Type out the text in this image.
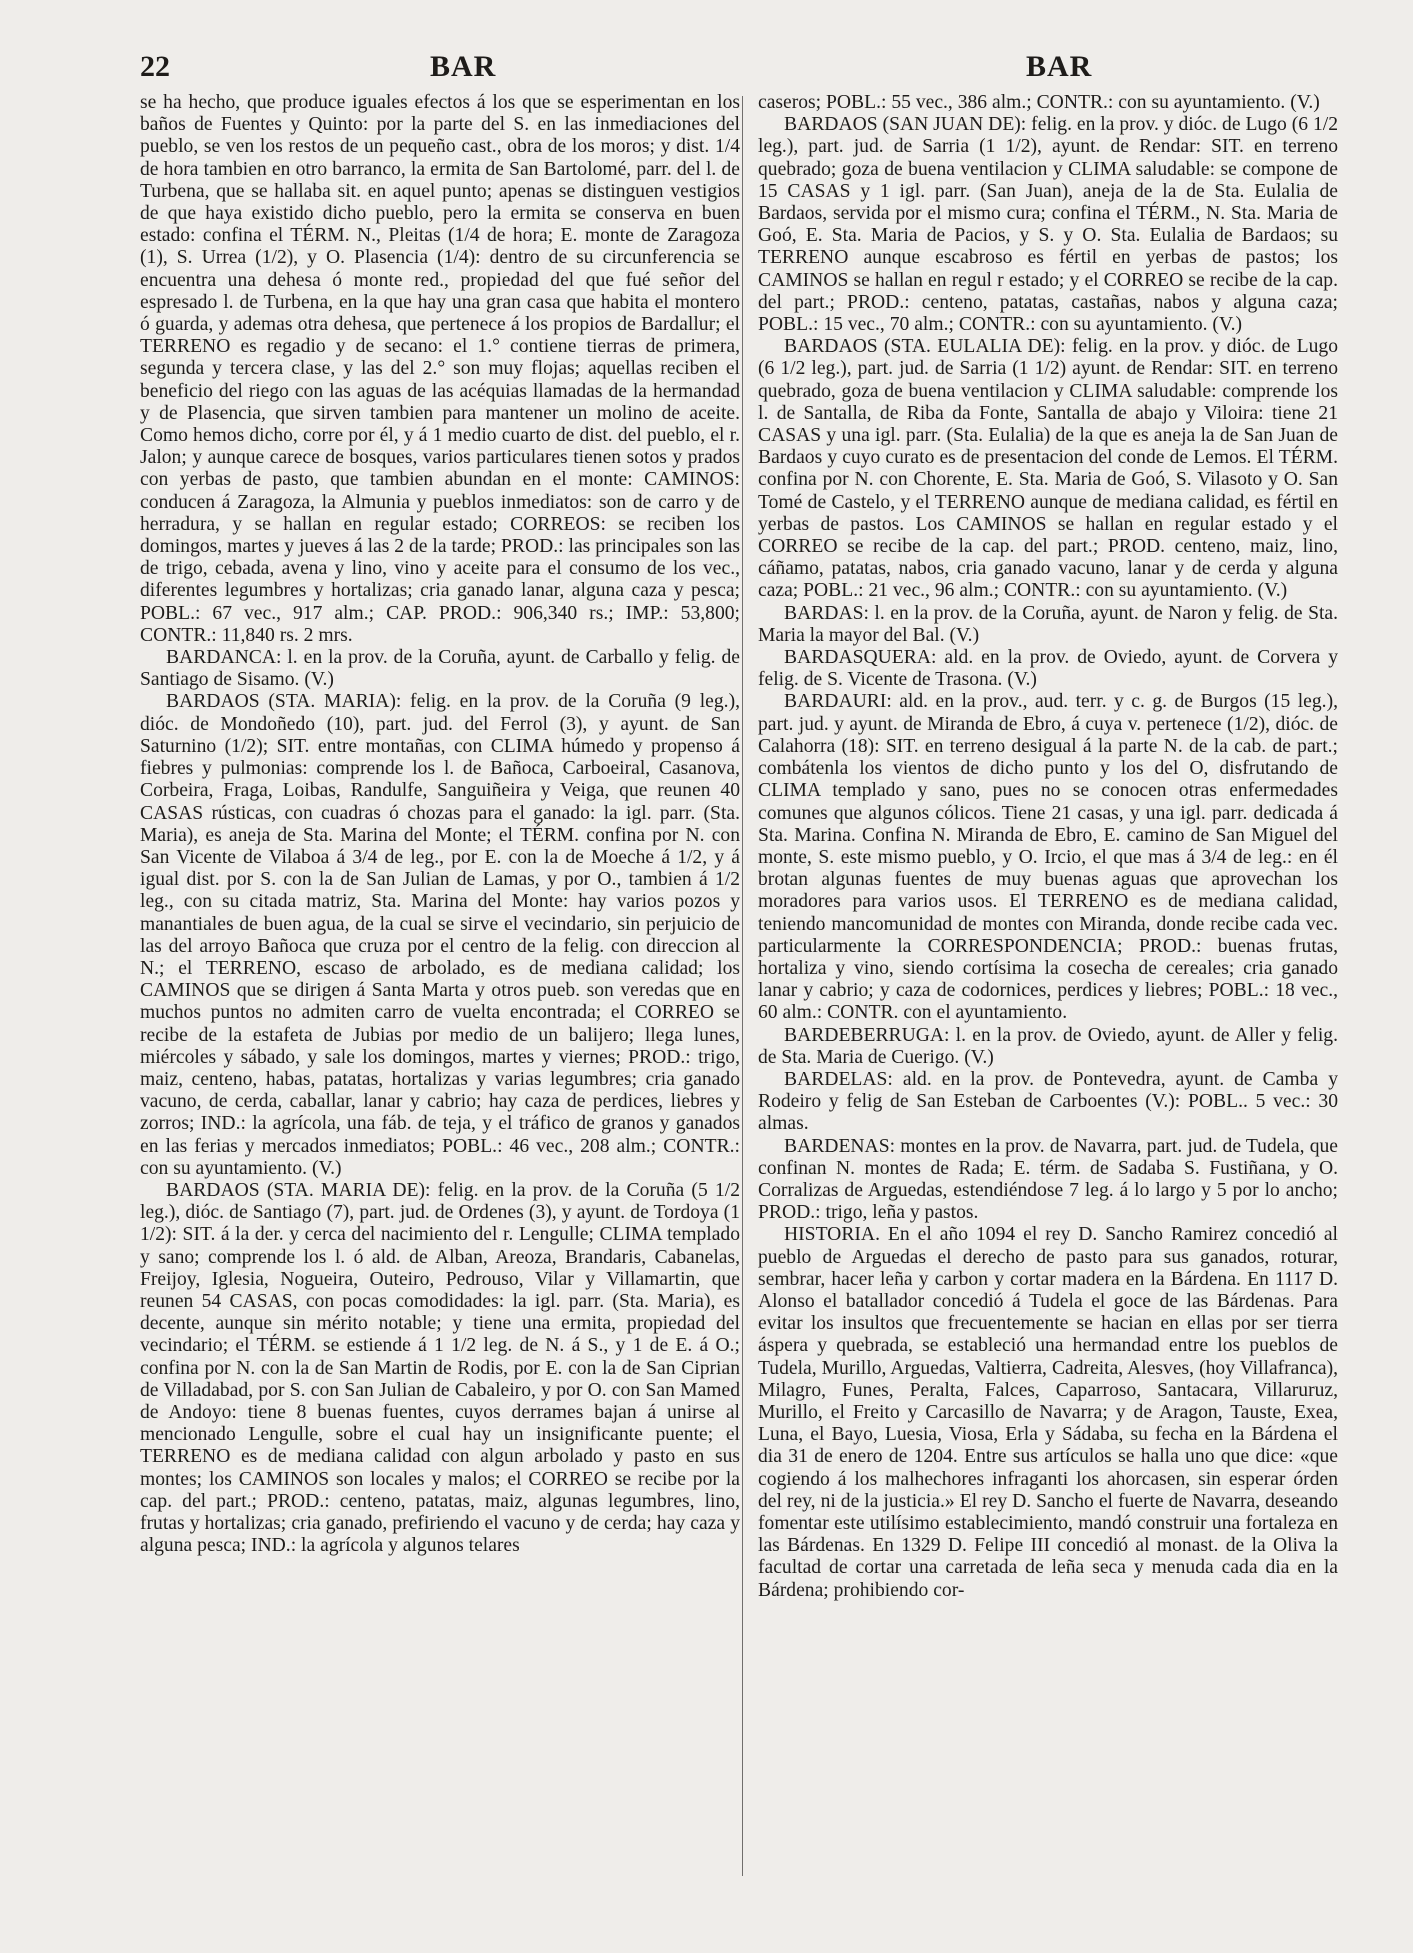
22	BAR	BAR

se ha hecho, que produce iguales efectos á los que se esperimentan en los baños de Fuentes y Quinto: por la parte del S. en las inmediaciones del pueblo, se ven los restos de un pequeño cast., obra de los moros; y dist. 1/4 de hora tambien en otro barranco, la ermita de San Bartolomé, parr. del l. de Turbena, que se hallaba sit. en aquel punto; apenas se distinguen vestigios de que haya existido dicho pueblo, pero la ermita se conserva en buen estado: confina el TÉRM. N., Pleitas (1/4 de hora; E. monte de Zaragoza (1), S. Urrea (1/2), y O. Plasencia (1/4): dentro de su circunferencia se encuentra una dehesa ó monte red., propiedad del que fué señor del espresado l. de Turbena, en la que hay una gran casa que habita el montero ó guarda, y ademas otra dehesa, que pertenece á los propios de Bardallur; el TERRENO es regadio y de secano: el 1.° contiene tierras de primera, segunda y tercera clase, y las del 2.° son muy flojas; aquellas reciben el beneficio del riego con las aguas de las acéquias llamadas de la hermandad y de Plasencia, que sirven tambien para mantener un molino de aceite. Como hemos dicho, corre por él, y á 1 medio cuarto de dist. del pueblo, el r. Jalon; y aunque carece de bosques, varios particulares tienen sotos y prados con yerbas de pasto, que tambien abundan en el monte: CAMINOS: conducen á Zaragoza, la Almunia y pueblos inmediatos: son de carro y de herradura, y se hallan en regular estado; CORREOS: se reciben los domingos, martes y jueves á las 2 de la tarde; PROD.: las principales son las de trigo, cebada, avena y lino, vino y aceite para el consumo de los vec., diferentes legumbres y hortalizas; cria ganado lanar, alguna caza y pesca; POBL.: 67 vec., 917 alm.; CAP. PROD.: 906,340 rs.; IMP.: 53,800; CONTR.: 11,840 rs. 2 mrs.

BARDANCA: l. en la prov. de la Coruña, ayunt. de Carballo y felig. de Santiago de Sisamo. (V.)

BARDAOS (STA. MARIA): felig. en la prov. de la Coruña (9 leg.), dióc. de Mondoñedo (10), part. jud. del Ferrol (3), y ayunt. de San Saturnino (1/2); SIT. entre montañas, con CLIMA húmedo y propenso á fiebres y pulmonias: comprende los l. de Bañoca, Carboeiral, Casanova, Corbeira, Fraga, Loibas, Randulfe, Sanguiñeira y Veiga, que reunen 40 CASAS rústicas, con cuadras ó chozas para el ganado: la igl. parr. (Sta. Maria), es aneja de Sta. Marina del Monte; el TÉRM. confina por N. con San Vicente de Vilaboa á 3/4 de leg., por E. con la de Moeche á 1/2, y á igual dist. por S. con la de San Julian de Lamas, y por O., tambien á 1/2 leg., con su citada matriz, Sta. Marina del Monte: hay varios pozos y manantiales de buen agua, de la cual se sirve el vecindario, sin perjuicio de las del arroyo Bañoca que cruza por el centro de la felig. con direccion al N.; el TERRENO, escaso de arbolado, es de mediana calidad; los CAMINOS que se dirigen á Santa Marta y otros pueb. son veredas que en muchos puntos no admiten carro de vuelta encontrada; el CORREO se recibe de la estafeta de Jubias por medio de un balijero; llega lunes, miércoles y sábado, y sale los domingos, martes y viernes; PROD.: trigo, maiz, centeno, habas, patatas, hortalizas y varias legumbres; cria ganado vacuno, de cerda, caballar, lanar y cabrio; hay caza de perdices, liebres y zorros; IND.: la agrícola, una fáb. de teja, y el tráfico de granos y ganados en las ferias y mercados inmediatos; POBL.: 46 vec., 208 alm.; CONTR.: con su ayuntamiento. (V.)

BARDAOS (STA. MARIA DE): felig. en la prov. de la Coruña (5 1/2 leg.), dióc. de Santiago (7), part. jud. de Ordenes (3), y ayunt. de Tordoya (1 1/2): SIT. á la der. y cerca del nacimiento del r. Lengulle; CLIMA templado y sano; comprende los l. ó ald. de Alban, Areoza, Brandaris, Cabanelas, Freijoy, Iglesia, Nogueira, Outeiro, Pedrouso, Vilar y Villamartin, que reunen 54 CASAS, con pocas comodidades: la igl. parr. (Sta. Maria), es decente, aunque sin mérito notable; y tiene una ermita, propiedad del vecindario; el TÉRM. se estiende á 1 1/2 leg. de N. á S., y 1 de E. á O.; confina por N. con la de San Martin de Rodis, por E. con la de San Ciprian de Villadabad, por S. con San Julian de Cabaleiro, y por O. con San Mamed de Andoyo: tiene 8 buenas fuentes, cuyos derrames bajan á unirse al mencionado Lengulle, sobre el cual hay un insignificante puente; el TERRENO es de mediana calidad con algun arbolado y pasto en sus montes; los CAMINOS son locales y malos; el CORREO se recibe por la cap. del part.; PROD.: centeno, patatas, maiz, algunas legumbres, lino, frutas y hortalizas; cria ganado, prefiriendo el vacuno y de cerda; hay caza y alguna pesca; IND.: la agrícola y algunos telares

caseros; POBL.: 55 vec., 386 alm.; CONTR.: con su ayuntamiento. (V.)

BARDAOS (SAN JUAN DE): felig. en la prov. y dióc. de Lugo (6 1/2 leg.), part. jud. de Sarria (1 1/2), ayunt. de Rendar: SIT. en terreno quebrado; goza de buena ventilacion y CLIMA saludable: se compone de 15 CASAS y 1 igl. parr. (San Juan), aneja de la de Sta. Eulalia de Bardaos, servida por el mismo cura; confina el TÉRM., N. Sta. Maria de Goó, E. Sta. Maria de Pacios, y S. y O. Sta. Eulalia de Bardaos; su TERRENO aunque escabroso es fértil en yerbas de pastos; los CAMINOS se hallan en regul r estado; y el CORREO se recibe de la cap. del part.; PROD.: centeno, patatas, castañas, nabos y alguna caza; POBL.: 15 vec., 70 alm.; CONTR.: con su ayuntamiento. (V.)

BARDAOS (STA. EULALIA DE): felig. en la prov. y dióc. de Lugo (6 1/2 leg.), part. jud. de Sarria (1 1/2) ayunt. de Rendar: SIT. en terreno quebrado, goza de buena ventilacion y CLIMA saludable: comprende los l. de Santalla, de Riba da Fonte, Santalla de abajo y Viloira: tiene 21 CASAS y una igl. parr. (Sta. Eulalia) de la que es aneja la de San Juan de Bardaos y cuyo curato es de presentacion del conde de Lemos. El TÉRM. confina por N. con Chorente, E. Sta. Maria de Goó, S. Vilasoto y O. San Tomé de Castelo, y el TERRENO aunque de mediana calidad, es fértil en yerbas de pastos. Los CAMINOS se hallan en regular estado y el CORREO se recibe de la cap. del part.; PROD. centeno, maiz, lino, cáñamo, patatas, nabos, cria ganado vacuno, lanar y de cerda y alguna caza; POBL.: 21 vec., 96 alm.; CONTR.: con su ayuntamiento. (V.)

BARDAS: l. en la prov. de la Coruña, ayunt. de Naron y felig. de Sta. Maria la mayor del Bal. (V.)

BARDASQUERA: ald. en la prov. de Oviedo, ayunt. de Corvera y felig. de S. Vicente de Trasona. (V.)

BARDAURI: ald. en la prov., aud. terr. y c. g. de Burgos (15 leg.), part. jud. y ayunt. de Miranda de Ebro, á cuya v. pertenece (1/2), dióc. de Calahorra (18): SIT. en terreno desigual á la parte N. de la cab. de part.; combátenla los vientos de dicho punto y los del O, disfrutando de CLIMA templado y sano, pues no se conocen otras enfermedades comunes que algunos cólicos. Tiene 21 casas, y una igl. parr. dedicada á Sta. Marina. Confina N. Miranda de Ebro, E. camino de San Miguel del monte, S. este mismo pueblo, y O. Ircio, el que mas á 3/4 de leg.: en él brotan algunas fuentes de muy buenas aguas que aprovechan los moradores para varios usos. El TERRENO es de mediana calidad, teniendo mancomunidad de montes con Miranda, donde recibe cada vec. particularmente la CORRESPONDENCIA; PROD.: buenas frutas, hortaliza y vino, siendo cortísima la cosecha de cereales; cria ganado lanar y cabrio; y caza de codornices, perdices y liebres; POBL.: 18 vec., 60 alm.: CONTR. con el ayuntamiento.

BARDEBERRUGA: l. en la prov. de Oviedo, ayunt. de Aller y felig. de Sta. Maria de Cuerigo. (V.)

BARDELAS: ald. en la prov. de Pontevedra, ayunt. de Camba y Rodeiro y felig de San Esteban de Carboentes (V.): POBL.. 5 vec.: 30 almas.

BARDENAS: montes en la prov. de Navarra, part. jud. de Tudela, que confinan N. montes de Rada; E. térm. de Sadaba S. Fustiñana, y O. Corralizas de Arguedas, estendiéndose 7 leg. á lo largo y 5 por lo ancho; PROD.: trigo, leña y pastos.

HISTORIA. En el año 1094 el rey D. Sancho Ramirez concedió al pueblo de Arguedas el derecho de pasto para sus ganados, roturar, sembrar, hacer leña y carbon y cortar madera en la Bárdena. En 1117 D. Alonso el batallador concedió á Tudela el goce de las Bárdenas. Para evitar los insultos que frecuentemente se hacian en ellas por ser tierra áspera y quebrada, se estableció una hermandad entre los pueblos de Tudela, Murillo, Arguedas, Valtierra, Cadreita, Alesves, (hoy Villafranca), Milagro, Funes, Peralta, Falces, Caparroso, Santacara, Villaruruz, Murillo, el Freito y Carcasillo de Navarra; y de Aragon, Tauste, Exea, Luna, el Bayo, Luesia, Viosa, Erla y Sádaba, su fecha en la Bárdena el dia 31 de enero de 1204. Entre sus artículos se halla uno que dice: «que cogiendo á los malhechores infraganti los ahorcasen, sin esperar órden del rey, ni de la justicia.» El rey D. Sancho el fuerte de Navarra, deseando fomentar este utilísimo establecimiento, mandó construir una fortaleza en las Bárdenas. En 1329 D. Felipe III concedió al monast. de la Oliva la facultad de cortar una carretada de leña seca y menuda cada dia en la Bárdena; prohibiendo cor-
